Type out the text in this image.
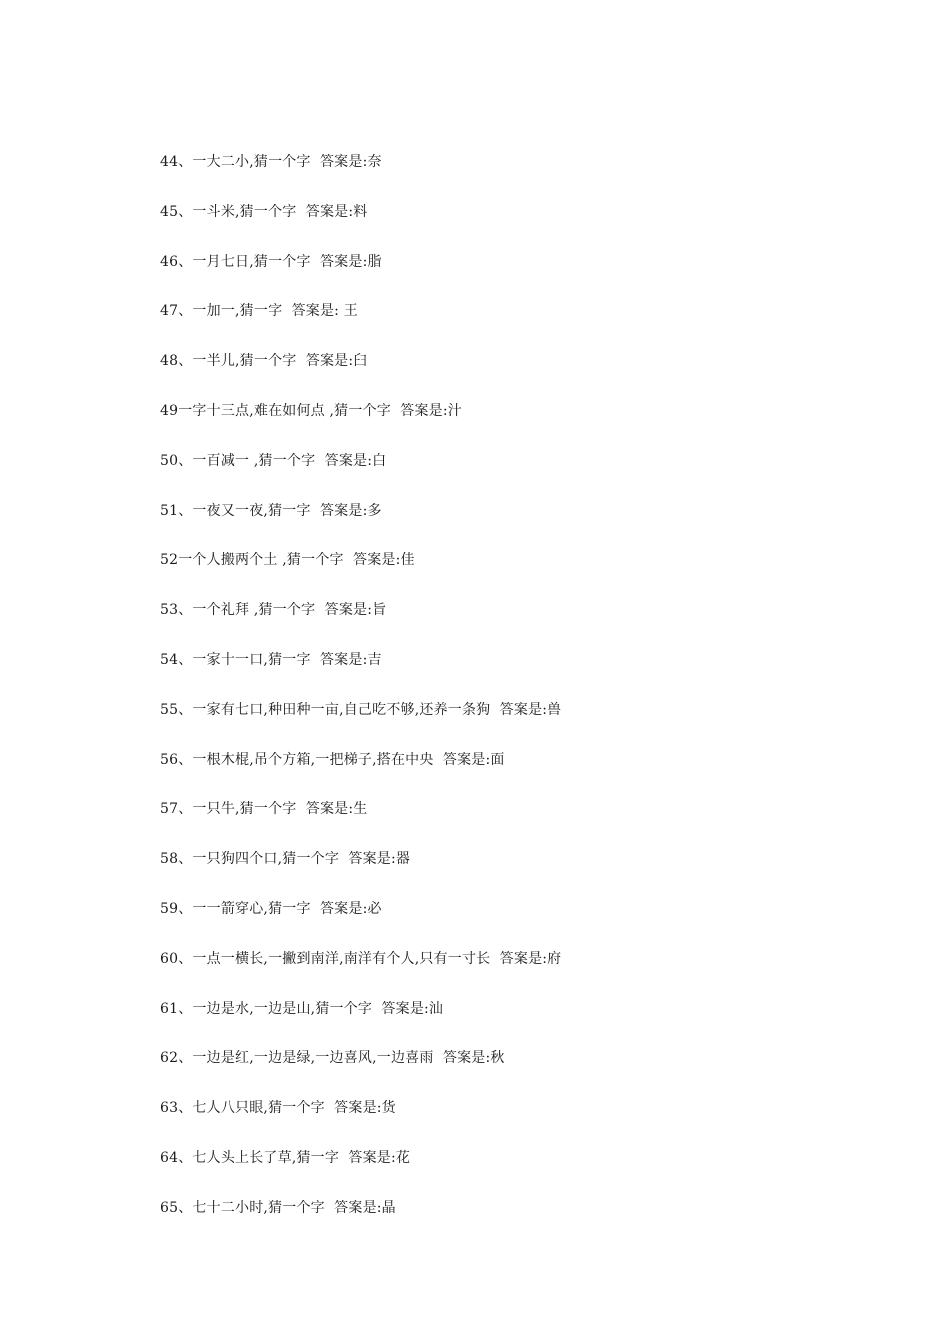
44、一大二小,猜一个字  答案是:奈
45、一斗米,猜一个字  答案是:料
46、一月七日,猜一个字  答案是:脂
47、一加一,猜一字  答案是: 王
48、一半儿,猜一个字  答案是:臼
49一字十三点,难在如何点 ,猜一个字  答案是:汁
50、一百减一 ,猜一个字  答案是:白
51、一夜又一夜,猜一字  答案是:多
52一个人搬两个土 ,猜一个字  答案是:佳
53、一个礼拜 ,猜一个字  答案是:旨
54、一家十一口,猜一字  答案是:吉
55、一家有七口,种田种一亩,自己吃不够,还养一条狗  答案是:兽
56、一根木棍,吊个方箱,一把梯子,搭在中央  答案是:面
57、一只牛,猜一个字  答案是:生
58、一只狗四个口,猜一个字  答案是:器
59、一一箭穿心,猜一字  答案是:必
60、一点一横长,一撇到南洋,南洋有个人,只有一寸长  答案是:府
61、一边是水,一边是山,猜一个字  答案是:汕
62、一边是红,一边是绿,一边喜风,一边喜雨  答案是:秋
63、七人八只眼,猜一个字  答案是:货
64、七人头上长了草,猜一字  答案是:花
65、七十二小时,猜一个字  答案是:晶
